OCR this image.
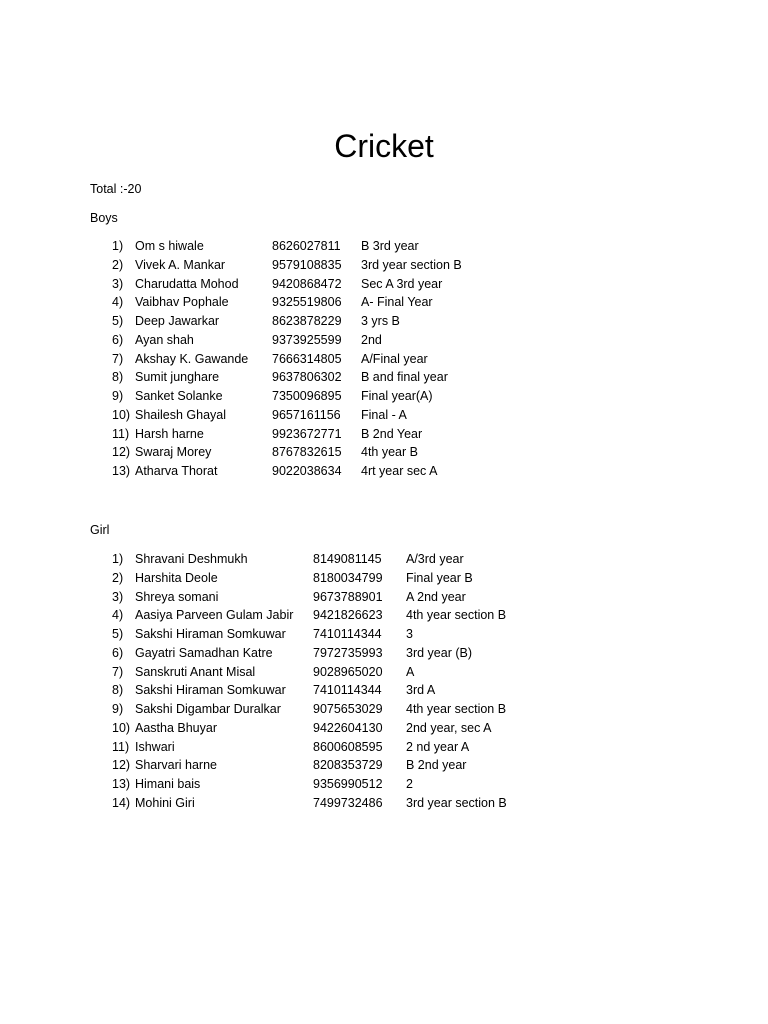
Cricket
Total :-20
Boys
1) Om s hiwale	8626027811 B 3rd year
2) Vivek A. Mankar	9579108835 3rd year section B
3) Charudatta Mohod	9420868472 Sec A 3rd year
4) Vaibhav Pophale	9325519806 A- Final Year
5) Deep Jawarkar	8623878229 3 yrs B
6) Ayan shah	9373925599 2nd
7) Akshay K. Gawande 7666314805 A/Final year
8) Sumit junghare	9637806302 B and final year
9) Sanket Solanke	7350096895 Final year(A)
10) Shailesh Ghayal	9657161156 Final - A
11) Harsh harne	9923672771 B 2nd Year
12) Swaraj Morey	8767832615 4th year B
13) Atharva Thorat	9022038634 4rt year sec A
Girl
1) Shravani Deshmukh	8149081145 A/3rd year
2) Harshita Deole	8180034799 Final year B
3) Shreya somani	9673788901 A 2nd year
4) Aasiya Parveen Gulam Jabir 9421826623 4th year section B
5) Sakshi Hiraman Somkuwar 7410114344 3
6) Gayatri Samadhan Katre	7972735993 3rd year (B)
7) Sanskruti Anant Misal	9028965020 A
8) Sakshi Hiraman Somkuwar 7410114344 3rd A
9) Sakshi Digambar Duralkar	9075653029 4th year section B
10) Aastha Bhuyar	9422604130 2nd year, sec A
11) Ishwari	8600608595 2 nd year A
12) Sharvari harne	8208353729 B 2nd year
13) Himani bais	9356990512 2
14) Mohini Giri	7499732486 3rd year section B
